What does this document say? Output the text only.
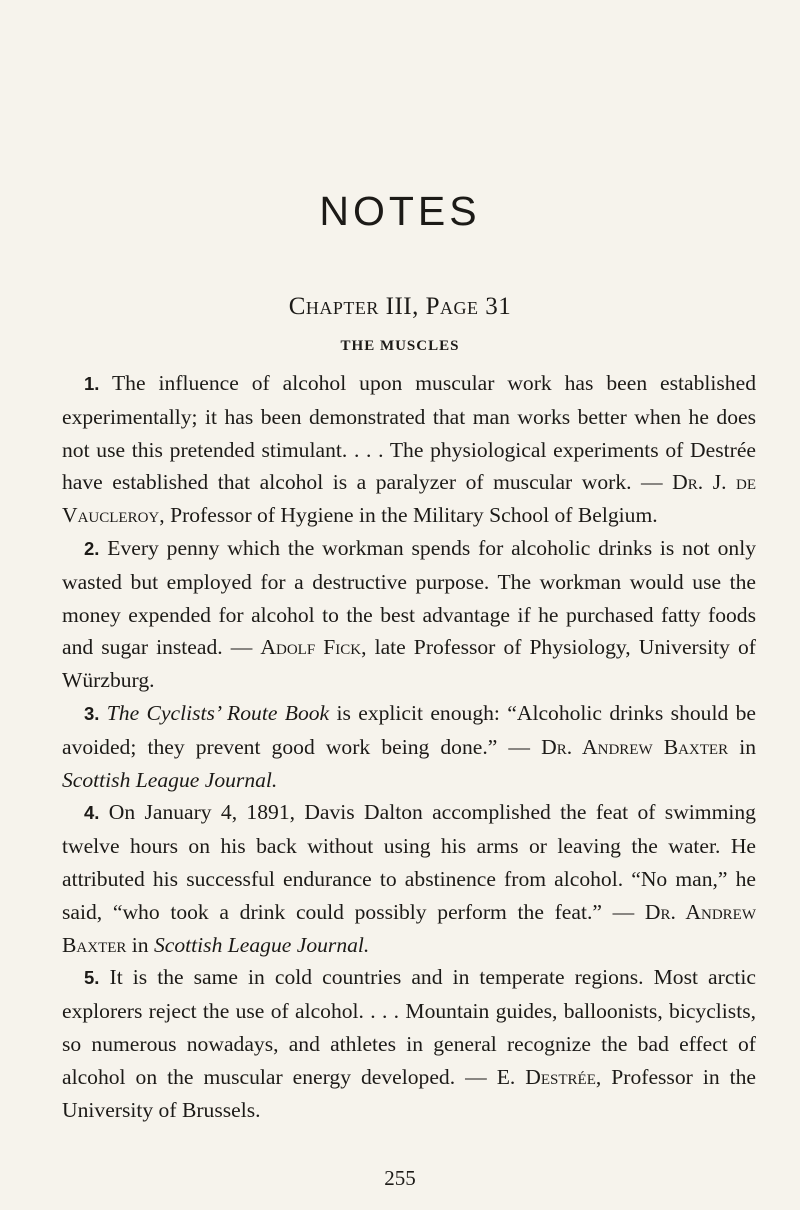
NOTES
Chapter III, Page 31
THE MUSCLES

1. The influence of alcohol upon muscular work has been established experimentally; it has been demonstrated that man works better when he does not use this pretended stimulant. . . . The physiological experiments of Destrée have established that alcohol is a paralyzer of muscular work. — Dr. J. de Vaucleroy, Professor of Hygiene in the Military School of Belgium.

2. Every penny which the workman spends for alcoholic drinks is not only wasted but employed for a destructive purpose. The workman would use the money expended for alcohol to the best advantage if he purchased fatty foods and sugar instead. — Adolf Fick, late Professor of Physiology, University of Würzburg.

3. The Cyclists’ Route Book is explicit enough: “Alcoholic drinks should be avoided; they prevent good work being done.” — Dr. Andrew Baxter in Scottish League Journal.

4. On January 4, 1891, Davis Dalton accomplished the feat of swimming twelve hours on his back without using his arms or leaving the water. He attributed his successful endurance to abstinence from alcohol. “No man,” he said, “who took a drink could possibly perform the feat.” — Dr. Andrew Baxter in Scottish League Journal.

5. It is the same in cold countries and in temperate regions. Most arctic explorers reject the use of alcohol. . . . Mountain guides, balloonists, bicyclists, so numerous nowadays, and athletes in general recognize the bad effect of alcohol on the muscular energy developed. — E. Destrée, Professor in the University of Brussels.

255
